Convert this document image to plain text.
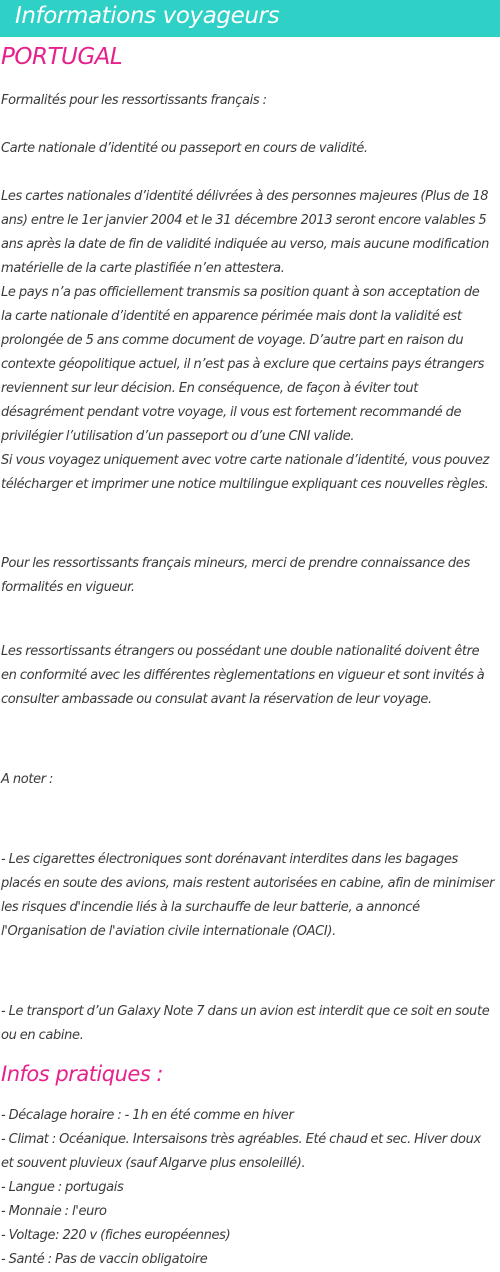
Informations voyageurs
PORTUGAL

Formalités pour les ressortissants français :

Carte nationale d’identité ou passeport en cours de validité.

Les cartes nationales d’identité délivrées à des personnes majeures (Plus de 18
ans) entre le 1er janvier 2004 et le 31 décembre 2013 seront encore valables 5
ans après la date de fin de validité indiquée au verso, mais aucune modification
matérielle de la carte plastifiée n’en attestera.
Le pays n’a pas officiellement transmis sa position quant à son acceptation de
la carte nationale d’identité en apparence périmée mais dont la validité est
prolongée de 5 ans comme document de voyage. D’autre part en raison du
contexte géopolitique actuel, il n’est pas à exclure que certains pays étrangers
reviennent sur leur décision. En conséquence, de façon à éviter tout
désagrément pendant votre voyage, il vous est fortement recommandé de
privilégier l’utilisation d’un passeport ou d’une CNI valide.
Si vous voyagez uniquement avec votre carte nationale d’identité, vous pouvez
télécharger et imprimer une notice multilingue expliquant ces nouvelles règles.

Pour les ressortissants français mineurs, merci de prendre connaissance des
formalités en vigueur.

Les ressortissants étrangers ou possédant une double nationalité doivent être
en conformité avec les différentes règlementations en vigueur et sont invités à
consulter ambassade ou consulat avant la réservation de leur voyage.

A noter :

- Les cigarettes électroniques sont dorénavant interdites dans les bagages
placés en soute des avions, mais restent autorisées en cabine, afin de minimiser
les risques d'incendie liés à la surchauffe de leur batterie, a annoncé
l'Organisation de l'aviation civile internationale (OACI).

- Le transport d’un Galaxy Note 7 dans un avion est interdit que ce soit en soute
ou en cabine.

Infos pratiques :

- Décalage horaire : - 1h en été comme en hiver
- Climat : Océanique. Intersaisons très agréables. Eté chaud et sec. Hiver doux
et souvent pluvieux (sauf Algarve plus ensoleillé).
- Langue : portugais
- Monnaie : l'euro
- Voltage: 220 v (fiches européennes)
- Santé : Pas de vaccin obligatoire
